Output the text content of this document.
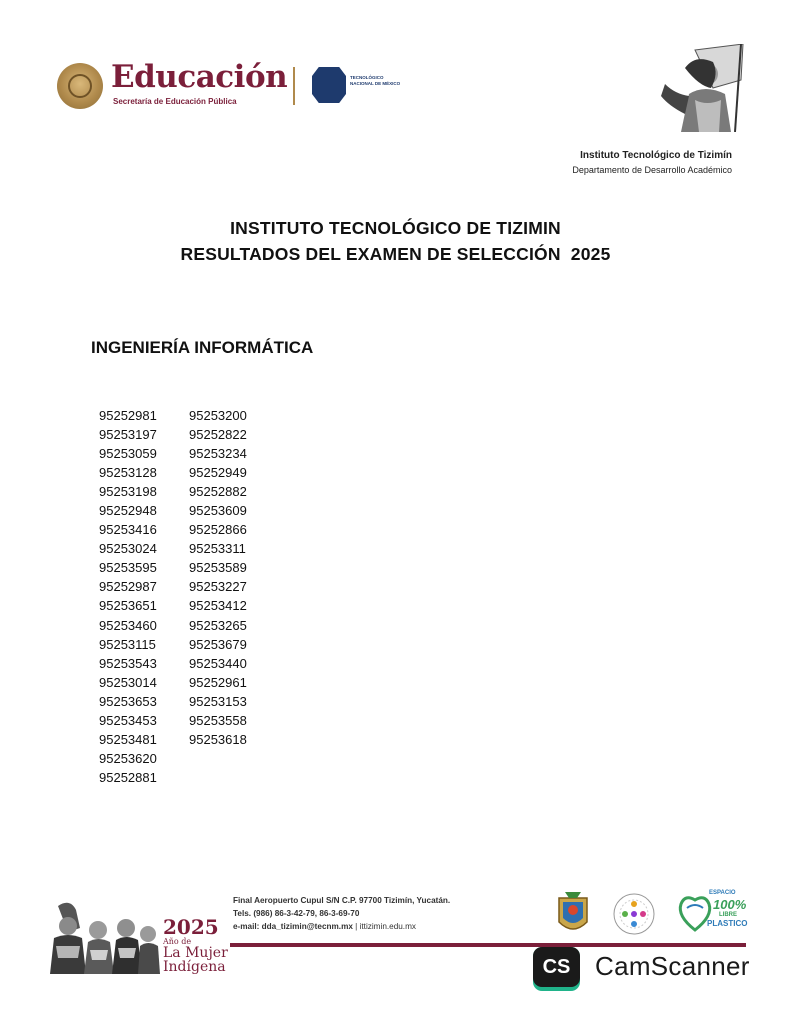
Educación
Secretaría de Educación Pública
TECNOLÓGICO
NACIONAL DE MÉXICO
Instituto Tecnológico de Tizimín
Departamento de Desarrollo Académico
INSTITUTO TECNOLÓGICO DE TIZIMIN
RESULTADOS DEL EXAMEN DE SELECCIÓN  2025
INGENIERÍA INFORMÁTICA
95252981
95253197
95253059
95253128
95253198
95252948
95253416
95253024
95253595
95252987
95253651
95253460
95253115
95253543
95253014
95253653
95253453
95253481
95253620
95252881
95253200
95252822
95253234
95252949
95252882
95253609
95252866
95253311
95253589
95253227
95253412
95253265
95253679
95253440
95252961
95253153
95253558
95253618
2025
Año de
La Mujer
Indígena
Final Aeropuerto Cupul S/N C.P. 97700 Tizimín, Yucatán.
Tels. (986) 86-3-42-79, 86-3-69-70
e-mail: dda_tizimin@tecnm.mx | ittizimin.edu.mx
ESPACIO
100%
LIBRE
PLASTICO
CS CamScanner
